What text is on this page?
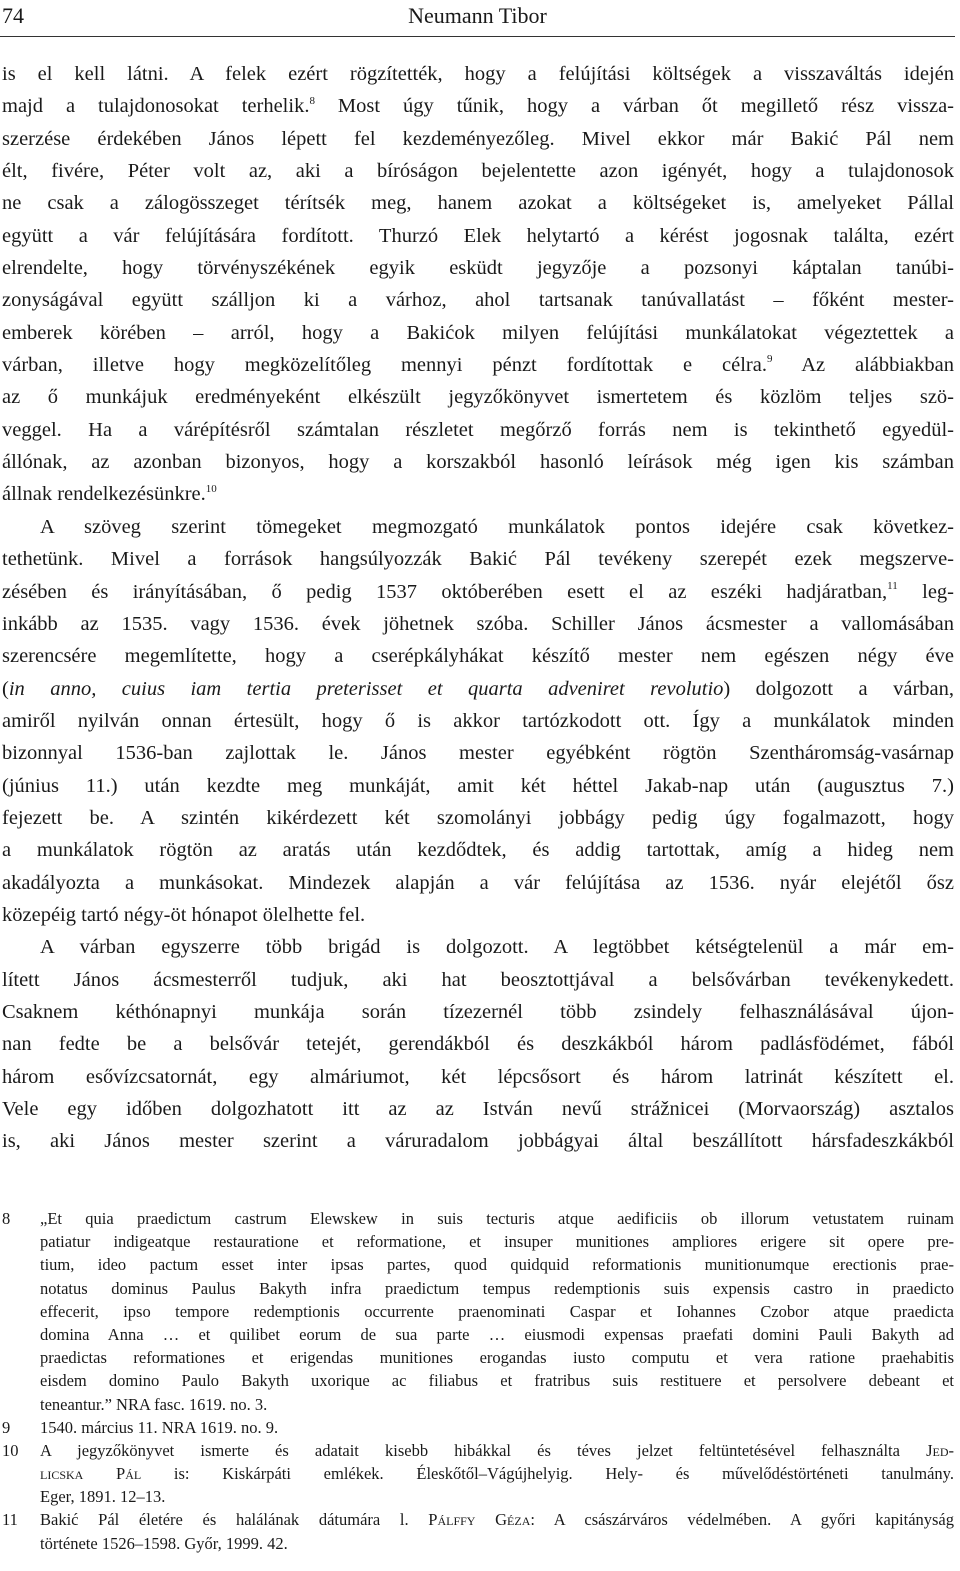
74	Neumann Tibor
is el kell látni. A felek ezért rögzítették, hogy a felújítási költségek a visszaváltás idején
majd a tulajdonosokat terhelik.$^8$ Most úgy tűnik, hogy a várban őt megillető rész vissza-
szerzése érdekében János lépett fel kezdeményezőleg. Mivel ekkor már Bakić Pál nem
élt, fivére, Péter volt az, aki a bíróságon bejelentette azon igényét, hogy a tulajdonosok
ne csak a zálogösszeget térítsék meg, hanem azokat a költségeket is, amelyeket Pállal
együtt a vár felújítására fordított. Thurzó Elek helytartó a kérést jogosnak találta, ezért
elrendelte, hogy törvényszékének egyik esküdt jegyzője a pozsonyi káptalan tanúbi-
zonyságával együtt szálljon ki a várhoz, ahol tartsanak tanúvallatást – főként mester-
emberek körében – arról, hogy a Bakićok milyen felújítási munkálatokat végeztettek a
várban, illetve hogy megközelítőleg mennyi pénzt fordítottak e célra.$^9$ Az alábbiakban
az ő munkájuk eredményeként elkészült jegyzőkönyvet ismertetem és közlöm teljes szö-
veggel. Ha a várépítésről számtalan részletet megőrző forrás nem is tekinthető egyedül-
állónak, az azonban bizonyos, hogy a korszakból hasonló leírások még igen kis számban
állnak rendelkezésünkre.$^{10}$
A szöveg szerint tömegeket megmozgató munkálatok pontos idejére csak következ-
tethetünk. Mivel a források hangsúlyozzák Bakić Pál tevékeny szerepét ezek megszerve-
zésében és irányításában, ő pedig 1537 októberében esett el az eszéki hadjáratban,$^{11}$ leg-
inkább az 1535. vagy 1536. évek jöhetnek szóba. Schiller János ácsmester a vallomásában
szerencsére megemlítette, hogy a cserépkályhákat készítő mester nem egészen négy éve
(in anno, cuius iam tertia preterisset et quarta adveniret revolutio) dolgozott a várban,
amiről nyilván onnan értesült, hogy ő is akkor tartózkodott ott. Így a munkálatok minden
bizonnyal 1536-ban zajlottak le. János mester egyébként rögtön Szentháromság-vasárnap
(június 11.) után kezdte meg munkáját, amit két héttel Jakab-nap után (augusztus 7.)
fejezett be. A szintén kikérdezett két szomolányi jobbágy pedig úgy fogalmazott, hogy
a munkálatok rögtön az aratás után kezdődtek, és addig tartottak, amíg a hideg nem
akadályozta a munkásokat. Mindezek alapján a vár felújítása az 1536. nyár elejétől ősz
közepéig tartó négy-öt hónapot ölelhette fel.
A várban egyszerre több brigád is dolgozott. A legtöbbet kétségtelenül a már em-
lített János ácsmesterről tudjuk, aki hat beosztottjával a belsővárban tevékenykedett.
Csaknem kéthónapnyi munkája során tízezernél több zsindely felhasználásával újon-
nan fedte be a belsővár tetejét, gerendákból és deszkákból három padlásfödémet, fából
három esővízcsatornát, egy almáriumot, két lépcsősort és három latrinát készített el.
Vele egy időben dolgozhatott itt az az István nevű strážnicei (Morvaország) asztalos
is, aki János mester szerint a váruradalom jobbágyai által beszállított hársfadeszkákból
8 „Et quia praedictum castrum Elewskew in suis tecturis atque aedificiis ob illorum vetustatem ruinam
patiatur indigeatque restauratione et reformatione, et insuper munitiones ampliores erigere sit opere pre-
tium, ideo pactum esset inter ipsas partes, quod quidquid reformationis munitionumque erectionis prae-
notatus dominus Paulus Bakyth infra praedictum tempus redemptionis suis expensis castro in praedicto
effecerit, ipso tempore redemptionis occurrente praenominati Caspar et Iohannes Czobor atque praedicta
domina Anna … et quilibet eorum de sua parte … eiusmodi expensas praefati domini Pauli Bakyth ad
praedictas reformationes et erigendas munitiones erogandas iusto computu et vera ratione praehabitis
eisdem domino Paulo Bakyth uxorique ac filiabus et fratribus suis restituere et persolvere debeant et
teneantur.” NRA fasc. 1619. no. 3.
9 1540. március 11. NRA 1619. no. 9.
10 A jegyzőkönyvet ismerte és adatait kisebb hibákkal és téves jelzet feltüntetésével felhasználta Jed-
licska Pál is: Kiskárpáti emlékek. Éleskőtől–Vágújhelyig. Hely- és művelődéstörténeti tanulmány.
Eger, 1891. 12–13.
11 Bakić Pál életére és halálának dátumára l. Pálffy Géza: A császárváros védelmében. A győri kapitányság
története 1526–1598. Győr, 1999. 42.
